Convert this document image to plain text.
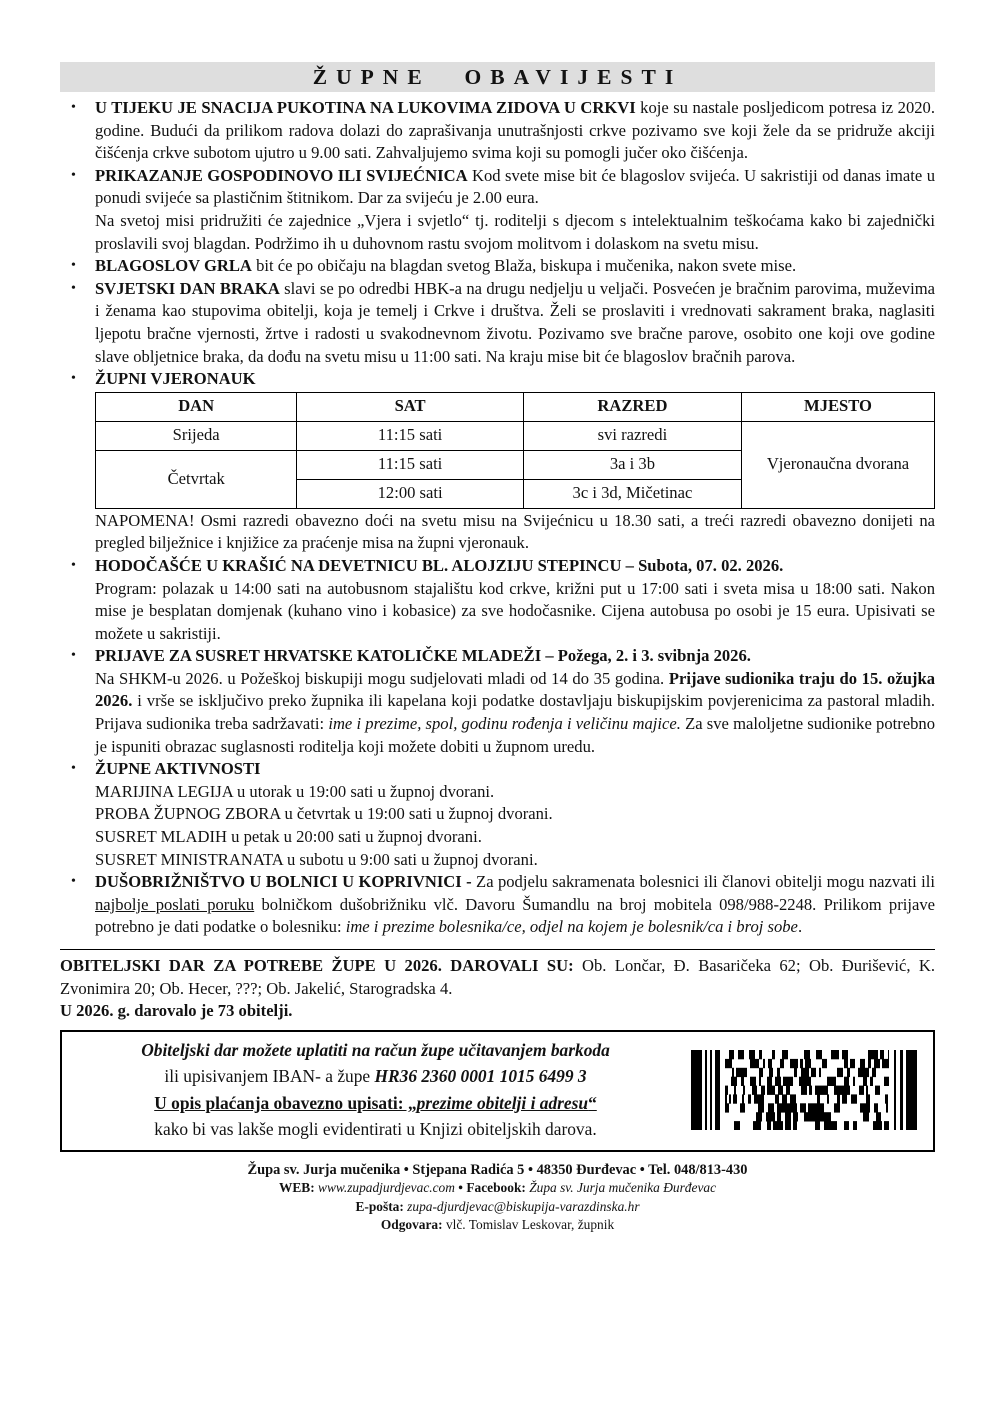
ŽUPNE OBAVIJESTI
•	U TIJEKU JE SNACIJA PUKOTINA NA LUKOVIMA ZIDOVA U CRKVI koje su nastale posljedicom potresa iz 2020. godine. Budući da prilikom radova dolazi do zaprašivanja unutrašnjosti crkve pozivamo sve koji žele da se pridruže akciji čišćenja crkve subotom ujutro u 9.00 sati. Zahvaljujemo svima koji su pomogli jučer oko čišćenja.

•	PRIKAZANJE GOSPODINOVO ILI SVIJEĆNICA Kod svete mise bit će blagoslov svijeća. U sakristiji od danas imate u ponudi svijeće sa plastičnim štitnikom. Dar za svijeću je 2.00 eura.

Na svetoj misi pridružiti će zajednice „Vjera i svjetlo“ tj. roditelji s djecom s intelektualnim teškoćama kako bi zajednički proslavili svoj blagdan. Podržimo ih u duhovnom rastu svojom molitvom i dolaskom na svetu misu.

•	BLAGOSLOV GRLA bit će po običaju na blagdan svetog Blaža, biskupa i mučenika, nakon svete mise.

•	SVJETSKI DAN BRAKA slavi se po odredbi HBK-a na drugu nedjelju u veljači. Posvećen je bračnim parovima, muževima i ženama kao stupovima obitelji, koja je temelj i Crkve i društva. Želi se proslaviti i vrednovati sakrament braka, naglasiti ljepotu bračne vjernosti, žrtve i radosti u svakodnevnom životu. Pozivamo sve bračne parove, osobito one koji ove godine slave obljetnice braka, da dođu na svetu misu u 11:00 sati. Na kraju mise bit će blagoslov bračnih parova.

•	ŽUPNI VJERONAUK

DAN	SAT	RAZRED	MJESTO
Srijeda	11:15 sati	svi razredi	Vjeronaučna dvorana
Četvrtak	11:15 sati	3a i 3b	
	12:00 sati	3c i 3d, Mičetinac	

NAPOMENA! Osmi razredi obavezno doći na svetu misu na Svijećnicu u 18.30 sati, a treći razredi obavezno donijeti na pregled bilježnice i knjižice za praćenje misa na župni vjeronauk.

•	HODOČAŠĆE U KRAŠIĆ NA DEVETNICU BL. ALOJZIJU STEPINCU – Subota, 07. 02. 2026.

Program: polazak u 14:00 sati na autobusnom stajalištu kod crkve, križni put u 17:00 sati i sveta misa u 18:00 sati. Nakon mise je besplatan domjenak (kuhano vino i kobasice) za sve hodočasnike. Cijena autobusa po osobi je 15 eura. Upisivati se možete u sakristiji.

•	PRIJAVE ZA SUSRET HRVATSKE KATOLIČKE MLADEŽI – Požega, 2. i 3. svibnja 2026.

Na SHKM-u 2026. u Požeškoj biskupiji mogu sudjelovati mladi od 14 do 35 godina. Prijave sudionika traju do 15. ožujka 2026. i vrše se isključivo preko župnika ili kapelana koji podatke dostavljaju biskupijskim povjerenicima za pastoral mladih. Prijava sudionika treba sadržavati: ime i prezime, spol, godinu rođenja i veličinu majice. Za sve maloljetne sudionike potrebno je ispuniti obrazac suglasnosti roditelja koji možete dobiti u župnom uredu.

•	ŽUPNE AKTIVNOSTI

MARIJINA LEGIJA u utorak u 19:00 sati u župnoj dvorani.

PROBA ŽUPNOG ZBORA u četvrtak u 19:00 sati u župnoj dvorani.

SUSRET MLADIH u petak u 20:00 sati u župnoj dvorani.

SUSRET MINISTRANATA u subotu u 9:00 sati u župnoj dvorani.

•	DUŠOBRIŽNIŠTVO U BOLNICI U KOPRIVNICI - Za podjelu sakramenata bolesnici ili članovi obitelji mogu nazvati ili najbolje poslati poruku bolničkom dušobrižniku vlč. Davoru Šumandlu na broj mobitela 098/988-2248. Prilikom prijave potrebno je dati podatke o bolesniku: ime i prezime bolesnika/ce, odjel na kojem je bolesnik/ca i broj sobe.

OBITELJSKI DAR ZA POTREBE ŽUPE U 2026. DAROVALI SU: Ob. Lončar, Đ. Basaričeka 62; Ob. Đurišević, K. Zvonimira 20; Ob. Hecer, ???; Ob. Jakelić, Starogradska 4.

U 2026. g. darovalo je 73 obitelji.

Obiteljski dar možete uplatiti na račun župe učitavanjem barkoda

ili upisivanjem IBAN- a župe HR36 2360 0001 1015 6499 3

U opis plaćanja obavezno upisati: „prezime obitelji i adresu“

kako bi vas lakše mogli evidentirati u Knjizi obiteljskih darova.

Župa sv. Jurja mučenika • Stjepana Radića 5 • 48350 Đurđevac • Tel. 048/813-430

WEB: www.zupadjurdjevac.com • Facebook: Župa sv. Jurja mučenika Đurđevac

E-pošta: zupa-djurdjevac@biskupija-varazdinska.hr

Odgovara: vlč. Tomislav Leskovar, župnik
